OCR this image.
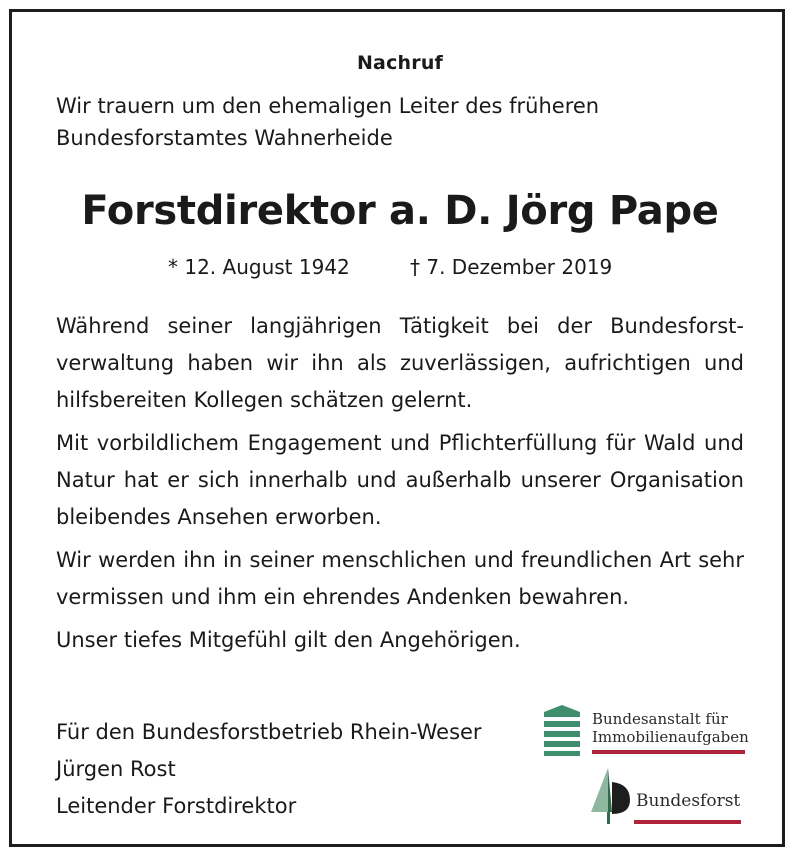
Nachruf
Wir trauern um den ehemaligen Leiter des früheren
Bundesforstamtes Wahnerheide
Forstdirektor a. D. Jörg Pape
* 12. August 1942	† 7. Dezember 2019
Während seiner langjährigen Tätigkeit bei der Bundesforst-verwaltung haben wir ihn als zuverlässigen, aufrichtigen und hilfsbereiten Kollegen schätzen gelernt.
Mit vorbildlichem Engagement und Pflichterfüllung für Wald und Natur hat er sich innerhalb und außerhalb unserer Organisation bleibendes Ansehen erworben.
Wir werden ihn in seiner menschlichen und freundlichen Art sehr vermissen und ihm ein ehrendes Andenken bewahren.
Unser tiefes Mitgefühl gilt den Angehörigen.
Für den Bundesforstbetrieb Rhein-Weser
Jürgen Rost
Leitender Forstdirektor
Bundesanstalt für
Immobilienaufgaben
Bundesforst
